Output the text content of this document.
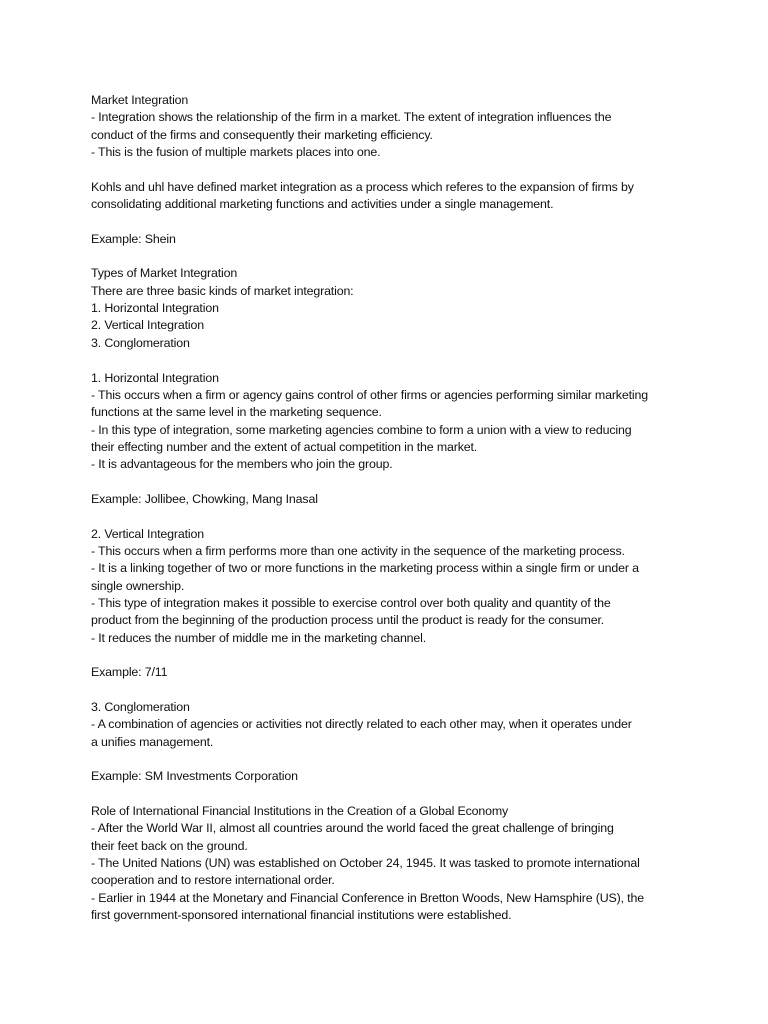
Market Integration
- Integration shows the relationship of the firm in a market. The extent of integration influences the
conduct of the firms and consequently their marketing efficiency.
- This is the fusion of multiple markets places into one.
Kohls and uhl have defined market integration as a process which referes to the expansion of firms by
consolidating additional marketing functions and activities under a single management.
Example: Shein
Types of Market Integration
There are three basic kinds of market integration:
1. Horizontal Integration
2. Vertical Integration
3. Conglomeration
1. Horizontal Integration
- This occurs when a firm or agency gains control of other firms or agencies performing similar marketing
functions at the same level in the marketing sequence.
- In this type of integration, some marketing agencies combine to form a union with a view to reducing
their effecting number and the extent of actual competition in the market.
- It is advantageous for the members who join the group.
Example: Jollibee, Chowking, Mang Inasal
2. Vertical Integration
- This occurs when a firm performs more than one activity in the sequence of the marketing process.
- It is a linking together of two or more functions in the marketing process within a single firm or under a
single ownership.
- This type of integration makes it possible to exercise control over both quality and quantity of the
product from the beginning of the production process until the product is ready for the consumer.
- It reduces the number of middle me in the marketing channel.
Example: 7/11
3. Conglomeration
- A combination of agencies or activities not directly related to each other may, when it operates under
a unifies management.
Example: SM Investments Corporation
Role of International Financial Institutions in the Creation of a Global Economy
- After the World War II, almost all countries around the world faced the great challenge of bringing
their feet back on the ground.
- The United Nations (UN) was established on October 24, 1945. It was tasked to promote international
cooperation and to restore international order.
- Earlier in 1944 at the Monetary and Financial Conference in Bretton Woods, New Hamsphire (US), the
first government-sponsored international financial institutions were established.
